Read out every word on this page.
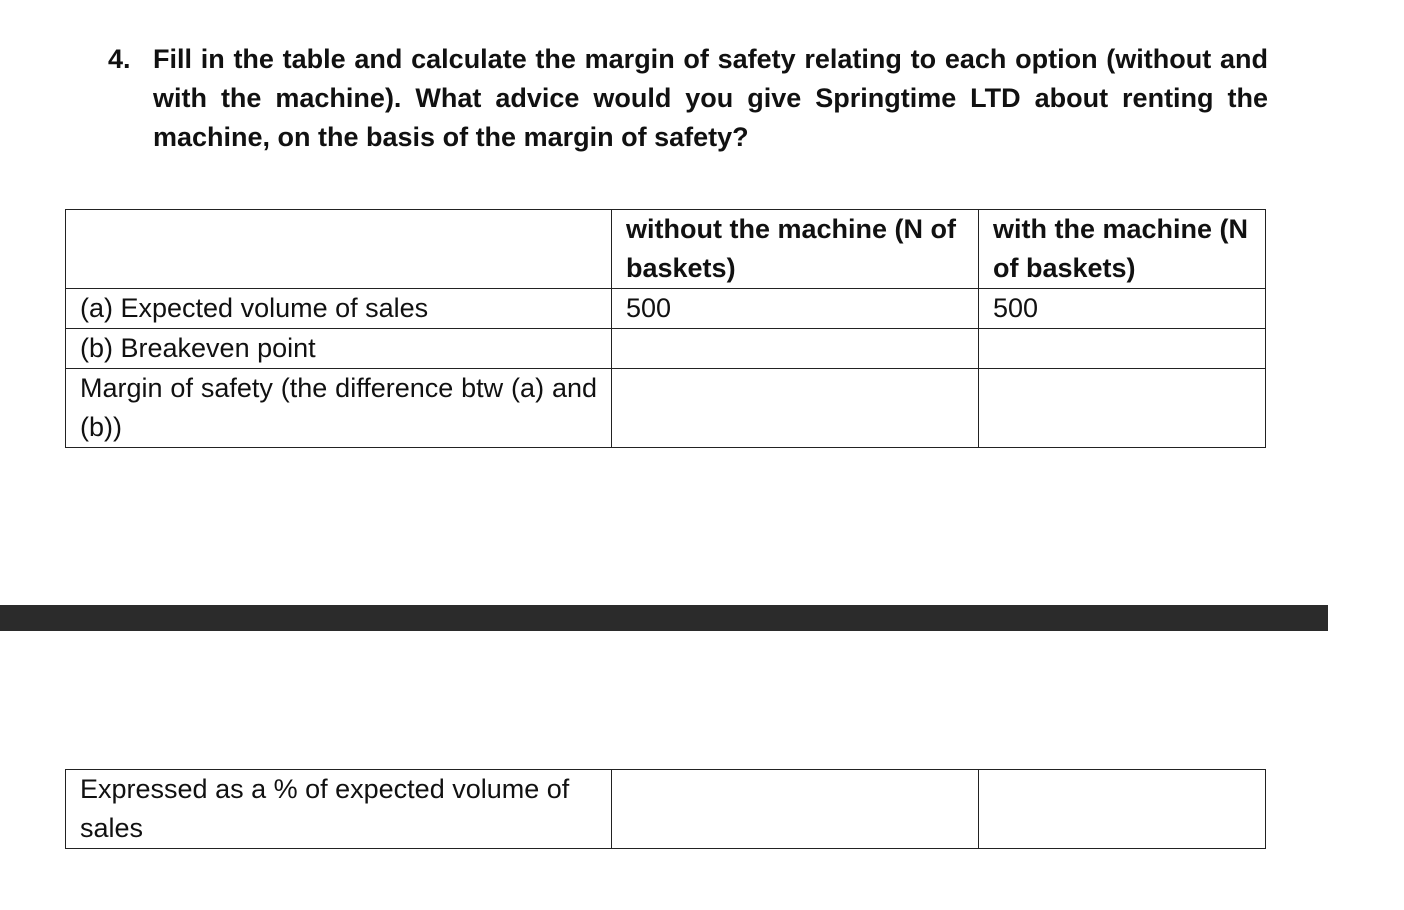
4. Fill in the table and calculate the margin of safety relating to each option (without and with the machine). What advice would you give Springtime LTD about renting the machine, on the basis of the margin of safety?
	without the machine (N of baskets)	with the machine (N of baskets)
(a) Expected volume of sales	500	500
(b) Breakeven point		
Margin of safety (the difference btw (a) and (b))		
Expressed as a % of expected volume of sales		
